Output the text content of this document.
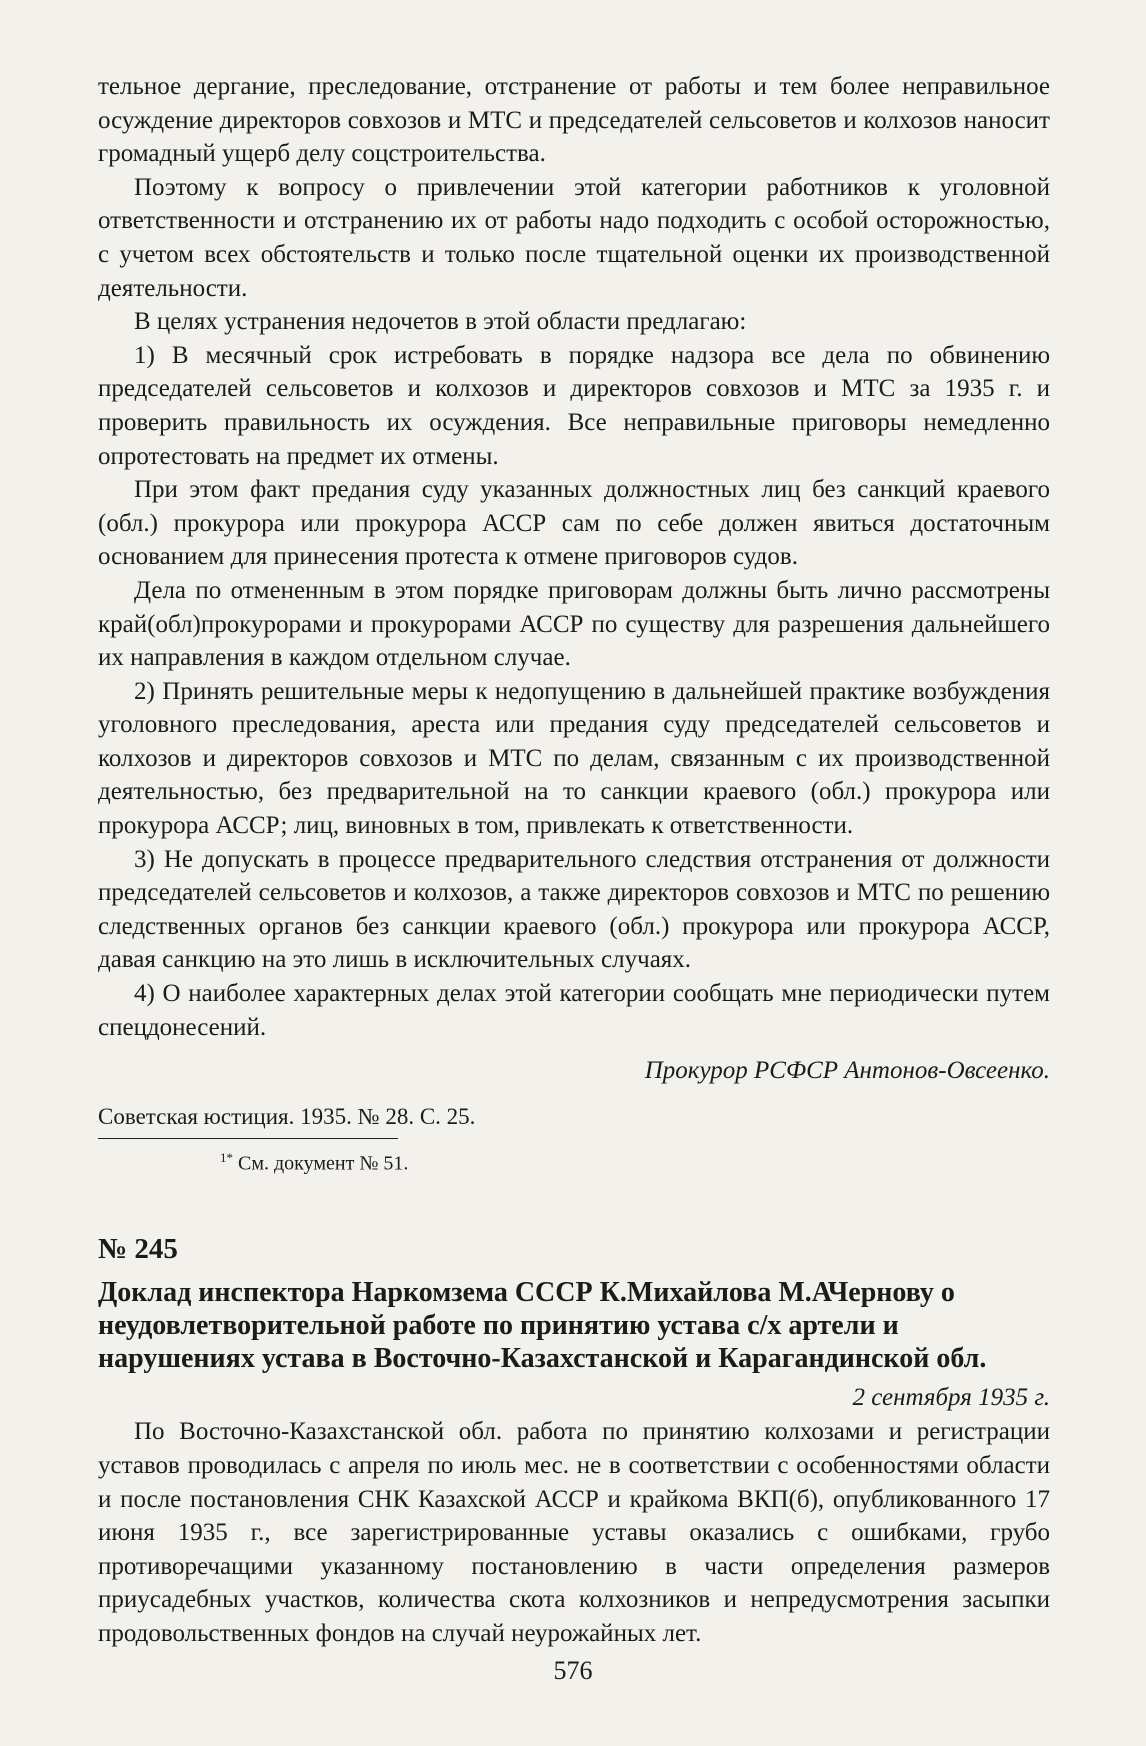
тельное дергание, преследование, отстранение от работы и тем более неправильное осуждение директоров совхозов и МТС и председателей сельсоветов и колхозов наносит громадный ущерб делу соцстроительства.

Поэтому к вопросу о привлечении этой категории работников к уголовной ответственности и отстранению их от работы надо подходить с особой осторожностью, с учетом всех обстоятельств и только после тщательной оценки их производственной деятельности.

В целях устранения недочетов в этой области предлагаю:

1) В месячный срок истребовать в порядке надзора все дела по обвинению председателей сельсоветов и колхозов и директоров совхозов и МТС за 1935 г. и проверить правильность их осуждения. Все неправильные приговоры немедленно опротестовать на предмет их отмены.

При этом факт предания суду указанных должностных лиц без санкций краевого (обл.) прокурора или прокурора АССР сам по себе должен явиться достаточным основанием для принесения протеста к отмене приговоров судов.

Дела по отмененным в этом порядке приговорам должны быть лично рассмотрены край(обл)прокурорами и прокурорами АССР по существу для разрешения дальнейшего их направления в каждом отдельном случае.

2) Принять решительные меры к недопущению в дальнейшей практике возбуждения уголовного преследования, ареста или предания суду председателей сельсоветов и колхозов и директоров совхозов и МТС по делам, связанным с их производственной деятельностью, без предварительной на то санкции краевого (обл.) прокурора или прокурора АССР; лиц, виновных в том, привлекать к ответственности.

3) Не допускать в процессе предварительного следствия отстранения от должности председателей сельсоветов и колхозов, а также директоров совхозов и МТС по решению следственных органов без санкции краевого (обл.) прокурора или прокурора АССР, давая санкцию на это лишь в исключительных случаях.

4) О наиболее характерных делах этой категории сообщать мне периодически путем спецдонесений.

Прокурор РСФСР Антонов-Овсеенко.

Советская юстиция. 1935. № 28. С. 25.

$^{1*}$ См. документ № 51.

№ 245

Доклад инспектора Наркомзема СССР К.Михайлова М.АЧернову о неудовлетворительной работе по принятию устава с/х артели и нарушениях устава в Восточно-Казахстанской и Карагандинской обл.

2 сентября 1935 г.

По Восточно-Казахстанской обл. работа по принятию колхозами и регистрации уставов проводилась с апреля по июль мес. не в соответствии с особенностями области и после постановления СНК Казахской АССР и крайкома ВКП(б), опубликованного 17 июня 1935 г., все зарегистрированные уставы оказались с ошибками, грубо противоречащими указанному постановлению в части определения размеров приусадебных участков, количества скота колхозников и непредусмотрения засыпки продовольственных фондов на случай неурожайных лет.

576
